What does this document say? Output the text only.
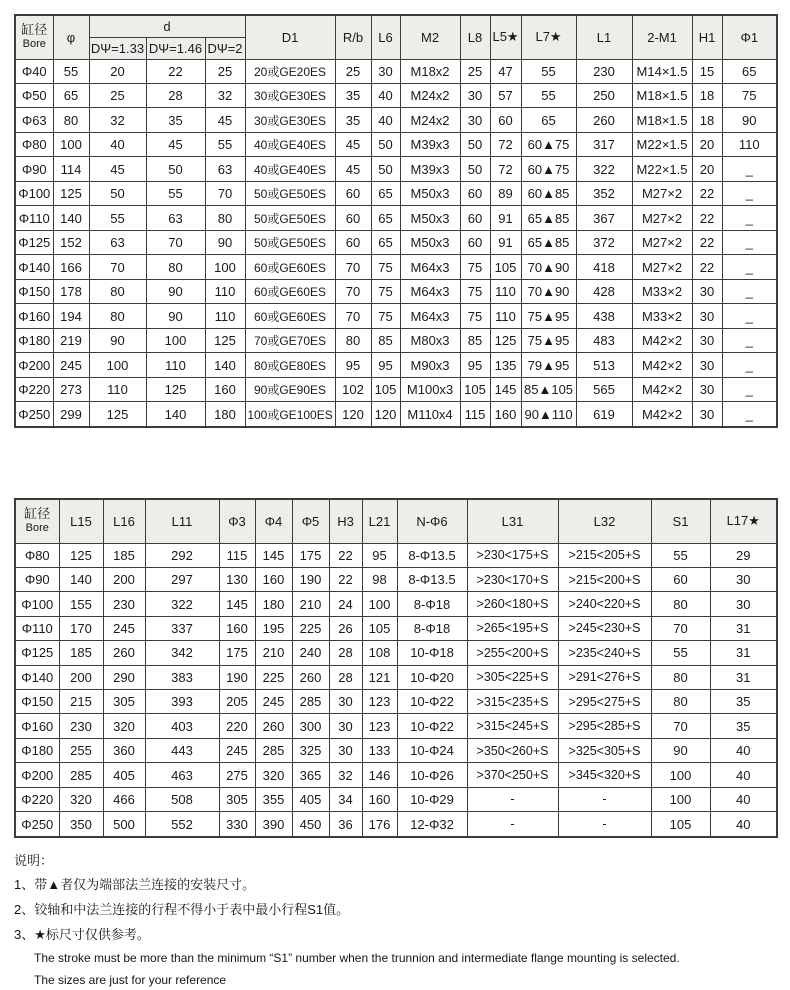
缸径
Bore	φ	d			D1	R/b	L6	M2	L8	L5★	L7★	L1	2-M1	H1	Φ1
		DΨ=1.33	DΨ=1.46	DΨ=2											
Φ40	55	20	22	25	20或GE20ES	25	30	M18x2	25	47	55	230	M14×1.5	15	65
Φ50	65	25	28	32	30或GE30ES	35	40	M24x2	30	57	55	250	M18×1.5	18	75
Φ63	80	32	35	45	30或GE30ES	35	40	M24x2	30	60	65	260	M18×1.5	18	90
Φ80	100	40	45	55	40或GE40ES	45	50	M39x3	50	72	60▲75	317	M22×1.5	20	110
Φ90	114	45	50	63	40或GE40ES	45	50	M39x3	50	72	60▲75	322	M22×1.5	20	_
Φ100	125	50	55	70	50或GE50ES	60	65	M50x3	60	89	60▲85	352	M27×2	22	_
Φ110	140	55	63	80	50或GE50ES	60	65	M50x3	60	91	65▲85	367	M27×2	22	_
Φ125	152	63	70	90	50或GE50ES	60	65	M50x3	60	91	65▲85	372	M27×2	22	_
Φ140	166	70	80	100	60或GE60ES	70	75	M64x3	75	105	70▲90	418	M27×2	22	_
Φ150	178	80	90	110	60或GE60ES	70	75	M64x3	75	110	70▲90	428	M33×2	30	_
Φ160	194	80	90	110	60或GE60ES	70	75	M64x3	75	110	75▲95	438	M33×2	30	_
Φ180	219	90	100	125	70或GE70ES	80	85	M80x3	85	125	75▲95	483	M42×2	30	_
Φ200	245	100	110	140	80或GE80ES	95	95	M90x3	95	135	79▲95	513	M42×2	30	_
Φ220	273	110	125	160	90或GE90ES	102	105	M100x3	105	145	85▲105	565	M42×2	30	_
Φ250	299	125	140	180	100或GE100ES	120	120	M110x4	115	160	90▲110	619	M42×2	30	_
缸径
Bore	L15	L16	L11	Φ3	Φ4	Φ5	H3	L21	N-Φ6	L31	L32	S1	L17★
Φ80	125	185	292	115	145	175	22	95	8-Φ13.5	>230<175+S	>215<205+S	55	29
Φ90	140	200	297	130	160	190	22	98	8-Φ13.5	>230<170+S	>215<200+S	60	30
Φ100	155	230	322	145	180	210	24	100	8-Φ18	>260<180+S	>240<220+S	80	30
Φ110	170	245	337	160	195	225	26	105	8-Φ18	>265<195+S	>245<230+S	70	31
Φ125	185	260	342	175	210	240	28	108	10-Φ18	>255<200+S	>235<240+S	55	31
Φ140	200	290	383	190	225	260	28	121	10-Φ20	>305<225+S	>291<276+S	80	31
Φ150	215	305	393	205	245	285	30	123	10-Φ22	>315<235+S	>295<275+S	80	35
Φ160	230	320	403	220	260	300	30	123	10-Φ22	>315<245+S	>295<285+S	70	35
Φ180	255	360	443	245	285	325	30	133	10-Φ24	>350<260+S	>325<305+S	90	40
Φ200	285	405	463	275	320	365	32	146	10-Φ26	>370<250+S	>345<320+S	100	40
Φ220	320	466	508	305	355	405	34	160	10-Φ29	-	-	100	40
Φ250	350	500	552	330	390	450	36	176	12-Φ32	-	-	105	40
说明：
1、带▲者仅为端部法兰连接的安装尺寸。
2、铰轴和中法兰连接的行程不得小于表中最小行程S1值。
3、★标尺寸仅供参考。
The stroke must be more than the minimum “S1” number when the trunnion and intermediate flange mounting is selected.
The sizes are just for your reference
